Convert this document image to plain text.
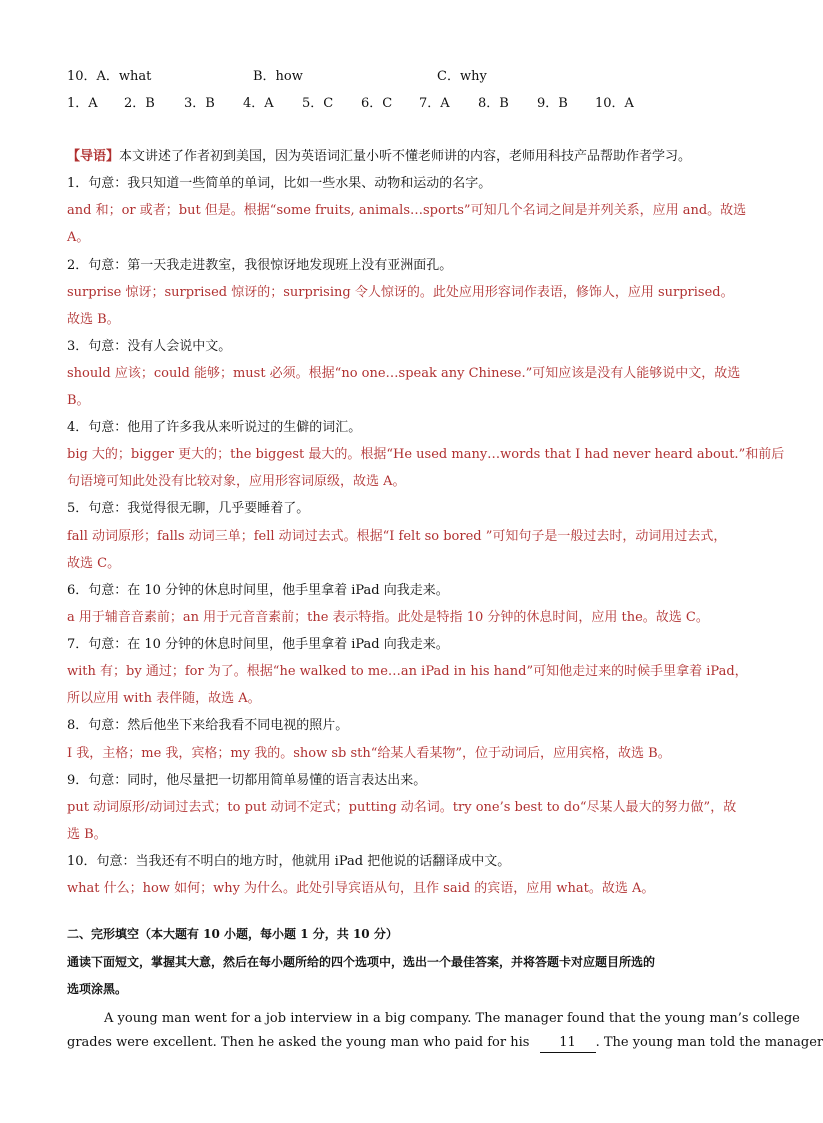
10．A．what	B．how	C．why
1．A 2．B 3．B 4．A 5．C 6．C 7．A 8．B 9．B 10．A
【导语】本文讲述了作者初到美国，因为英语词汇量小听不懂老师讲的内容，老师用科技产品帮助作者学习。
1．句意：我只知道一些简单的单词，比如一些水果、动物和运动的名字。
and 和；or 或者；but 但是。根据“some fruits, animals…sports”可知几个名词之间是并列关系，应用 and。故选
A。
2．句意：第一天我走进教室，我很惊讶地发现班上没有亚洲面孔。
surprise 惊讶；surprised 惊讶的；surprising 令人惊讶的。此处应用形容词作表语，修饰人，应用 surprised。
故选 B。
3．句意：没有人会说中文。
should 应该；could 能够；must 必须。根据“no one…speak any Chinese.”可知应该是没有人能够说中文，故选
B。
4．句意：他用了许多我从来听说过的生僻的词汇。
big 大的；bigger 更大的；the biggest 最大的。根据“He used many…words that I had never heard about.”和前后
句语境可知此处没有比较对象，应用形容词原级，故选 A。
5．句意：我觉得很无聊，几乎要睡着了。
fall 动词原形；falls 动词三单；fell 动词过去式。根据“I felt so bored ”可知句子是一般过去时，动词用过去式，
故选 C。
6．句意：在 10 分钟的休息时间里，他手里拿着 iPad 向我走来。
a 用于辅音音素前；an 用于元音音素前；the 表示特指。此处是特指 10 分钟的休息时间，应用 the。故选 C。
7．句意：在 10 分钟的休息时间里，他手里拿着 iPad 向我走来。
with 有；by 通过；for 为了。根据“he walked to me…an iPad in his hand”可知他走过来的时候手里拿着 iPad，
所以应用 with 表伴随，故选 A。
8．句意：然后他坐下来给我看不同电视的照片。
I 我，主格；me 我，宾格；my 我的。show sb sth“给某人看某物”，位于动词后，应用宾格，故选 B。
9．句意：同时，他尽量把一切都用简单易懂的语言表达出来。
put 动词原形/动词过去式；to put 动词不定式；putting 动名词。try one’s best to do“尽某人最大的努力做”，故
选 B。
10．句意：当我还有不明白的地方时，他就用 iPad 把他说的话翻译成中文。
what 什么；how 如何；why 为什么。此处引导宾语从句，且作 said 的宾语，应用 what。故选 A。
二、完形填空（本大题有 10 小题，每小题 1 分，共 10 分）
通读下面短文，掌握其大意，然后在每小题所给的四个选项中，选出一个最佳答案，并将答题卡对应题目所选的
选项涂黑。
A young man went for a job interview in a big company. The manager found that the young man’s college
grades were excellent. Then he asked the young man who paid for his 11 . The young man told the manager
